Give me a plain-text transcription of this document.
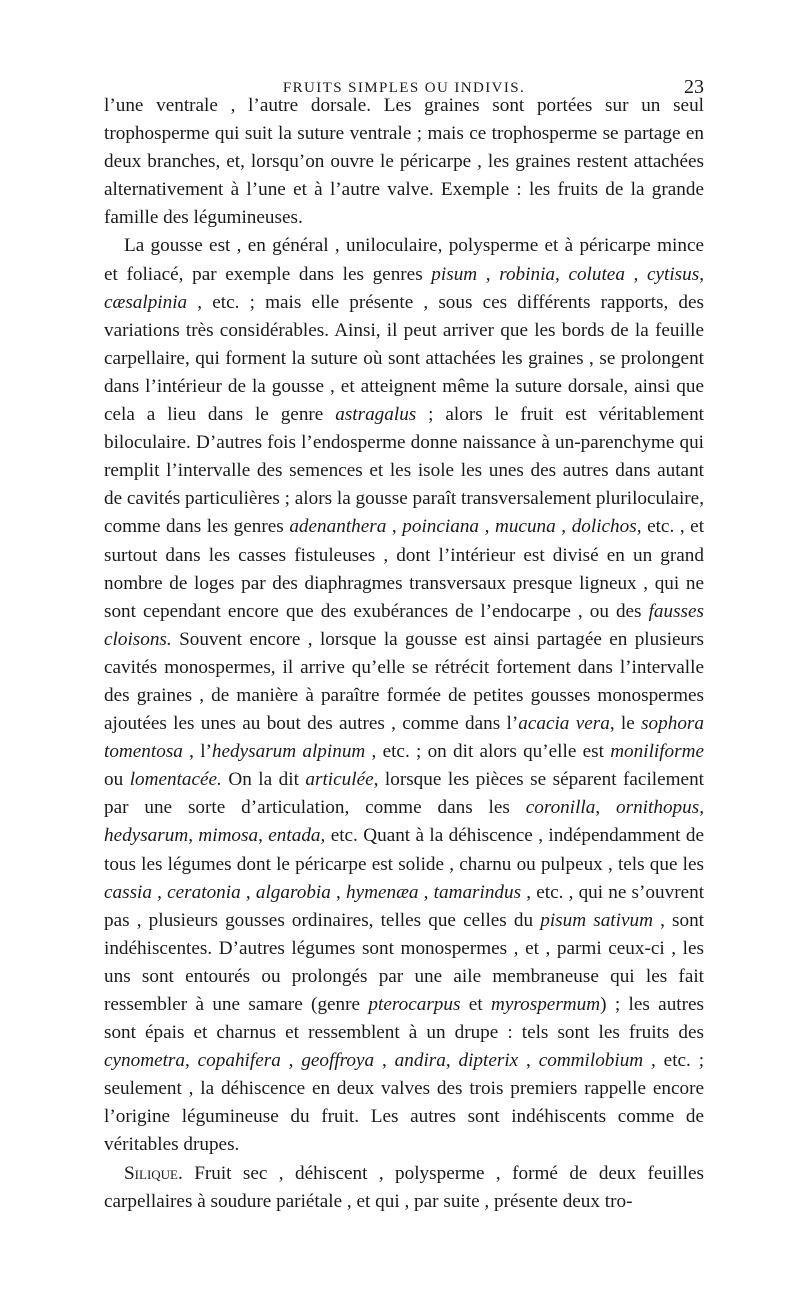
FRUITS SIMPLES OU INDIVIS.	23

l’une ventrale , l’autre dorsale. Les graines sont portées sur un seul trophosperme qui suit la suture ventrale ; mais ce trophosperme se partage en deux branches, et, lorsqu’on ouvre le péricarpe , les graines restent attachées alternativement à l’une et à l’autre valve. Exemple : les fruits de la grande famille des légumineuses.

La gousse est , en général , uniloculaire, polysperme et à péricarpe mince et foliacé, par exemple dans les genres pisum , robinia, colutea , cytisus, cæsalpinia , etc. ; mais elle présente , sous ces différents rapports, des variations très considérables. Ainsi, il peut arriver que les bords de la feuille carpellaire, qui forment la suture où sont attachées les graines , se prolongent dans l’intérieur de la gousse , et atteignent même la suture dorsale, ainsi que cela a lieu dans le genre astragalus ; alors le fruit est véritablement biloculaire. D’autres fois l’endosperme donne naissance à un-parenchyme qui remplit l’intervalle des semences et les isole les unes des autres dans autant de cavités particulières ; alors la gousse paraît transversalement pluriloculaire, comme dans les genres adenanthera , poinciana , mucuna , dolichos, etc. , et surtout dans les casses fistuleuses , dont l’intérieur est divisé en un grand nombre de loges par des diaphragmes transversaux presque ligneux , qui ne sont cependant encore que des exubérances de l’endocarpe , ou des fausses cloisons. Souvent encore , lorsque la gousse est ainsi partagée en plusieurs cavités monospermes, il arrive qu’elle se rétrécit fortement dans l’intervalle des graines , de manière à paraître formée de petites gousses monospermes ajoutées les unes au bout des autres , comme dans l’acacia vera, le sophora tomentosa , l’hedysarum alpinum , etc. ; on dit alors qu’elle est moniliforme ou lomentacée. On la dit articulée, lorsque les pièces se séparent facilement par une sorte d’articulation, comme dans les coronilla, ornithopus, hedysarum, mimosa, entada, etc. Quant à la déhiscence , indépendamment de tous les légumes dont le péricarpe est solide , charnu ou pulpeux , tels que les cassia , ceratonia , algarobia , hymenæa , tamarindus , etc. , qui ne s’ouvrent pas , plusieurs gousses ordinaires, telles que celles du pisum sativum , sont indéhiscentes. D’autres légumes sont monospermes , et , parmi ceux-ci , les uns sont entourés ou prolongés par une aile membraneuse qui les fait ressembler à une samare (genre pterocarpus et myrospermum) ; les autres sont épais et charnus et ressemblent à un drupe : tels sont les fruits des cynometra, copahifera , geoffroya , andira, dipterix , commilobium , etc. ; seulement , la déhiscence en deux valves des trois premiers rappelle encore l’origine légumineuse du fruit. Les autres sont indéhiscents comme de véritables drupes.

Silique. Fruit sec , déhiscent , polysperme , formé de deux feuilles carpellaires à soudure pariétale , et qui , par suite , présente deux tro-
